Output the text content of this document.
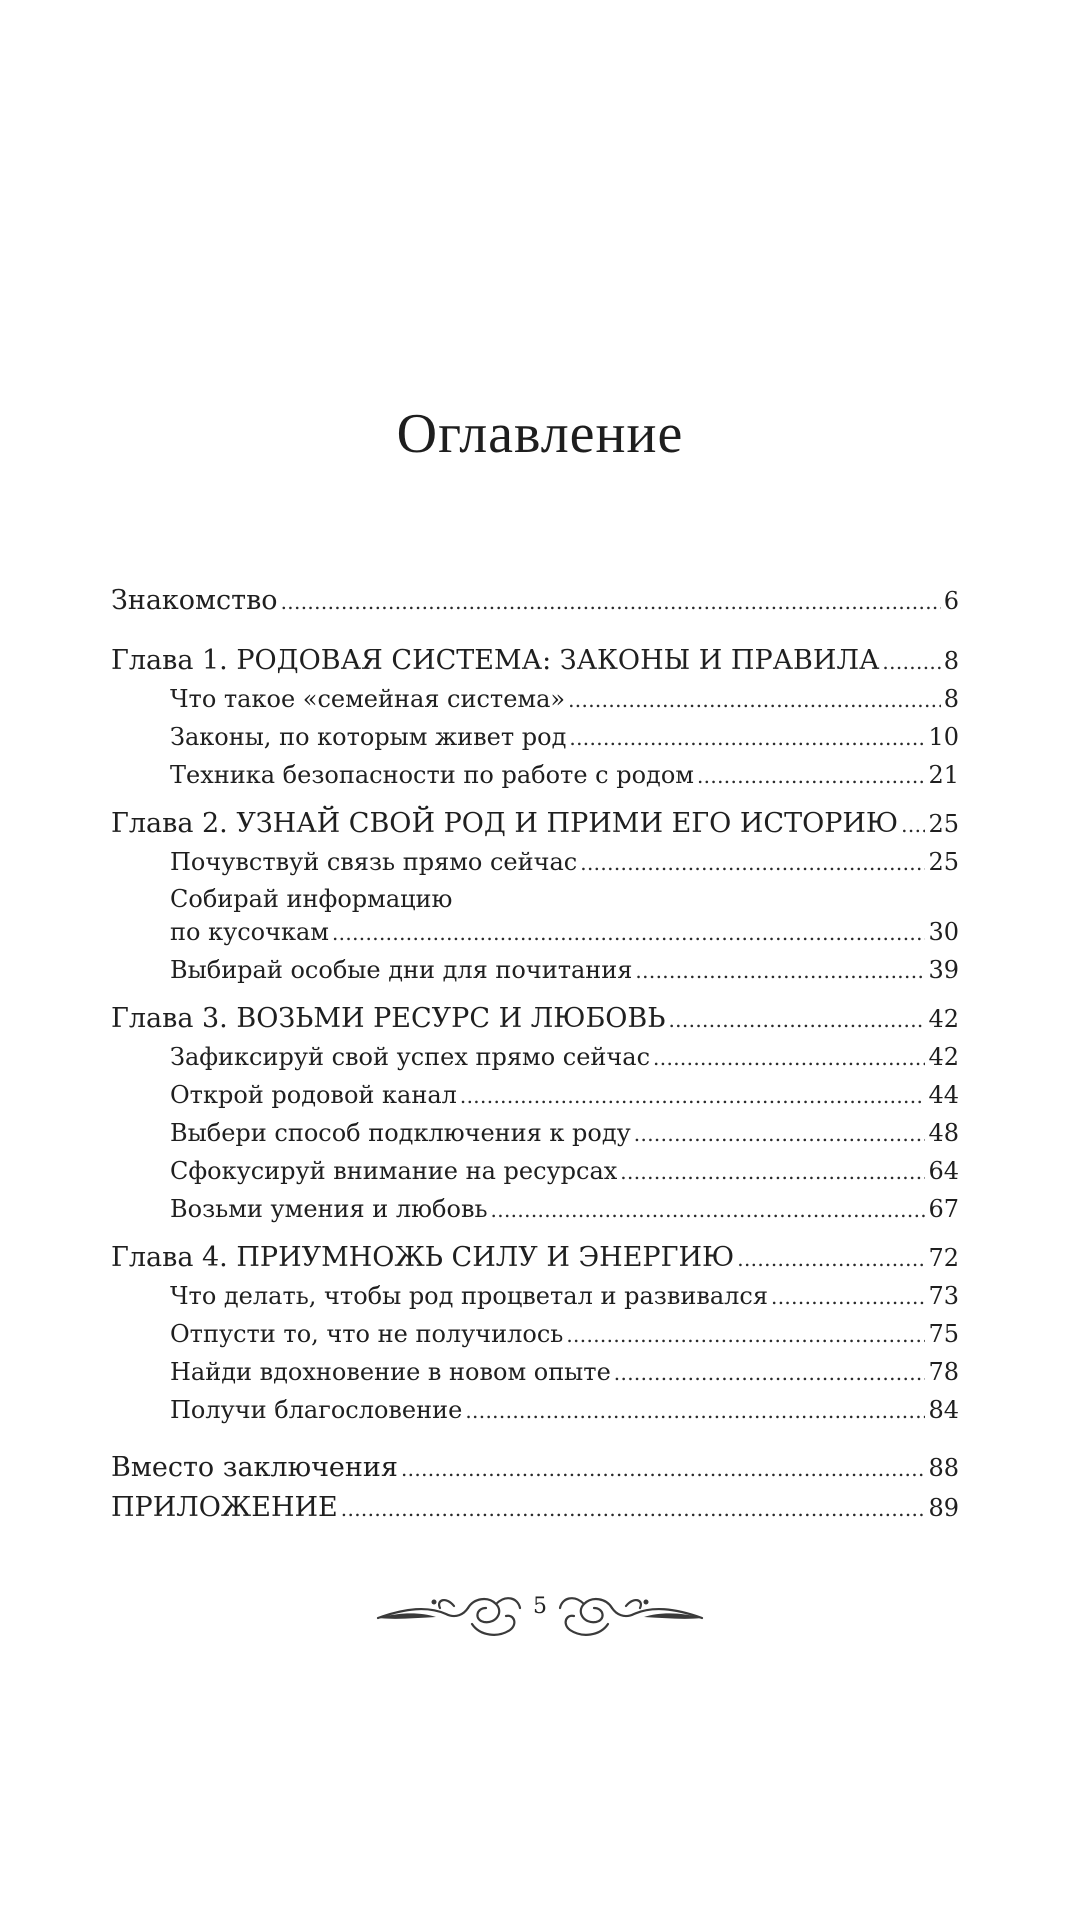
Оглавление
Знакомство . . .	6
Глава 1. РОДОВАЯ СИСТЕМА: ЗАКОНЫ И ПРАВИЛА . . .	8
Что такое «семейная система» . . .	8
Законы, по которым живет род . . .	10
Техника безопасности по работе с родом . . .	21
Глава 2. УЗНАЙ СВОЙ РОД И ПРИМИ ЕГО ИСТОРИЮ . . . 25
Почувствуй связь прямо сейчас . . .	25
Собирай информацию
по кусочкам . . .	30
Выбирай особые дни для почитания . . .	39
Глава 3. ВОЗЬМИ РЕСУРС И ЛЮБОВЬ . . .	42
Зафиксируй свой успех прямо сейчас . . .	42
Открой родовой канал . . .	44
Выбери способ подключения к роду . . .	48
Сфокусируй внимание на ресурсах . . .	64
Возьми умения и любовь . . .	67
Глава 4. ПРИУМНОЖЬ СИЛУ И ЭНЕРГИЮ . . .	72
Что делать, чтобы род процветал и развивался . . .	73
Отпусти то, что не получилось . . .	75
Найди вдохновение в новом опыте . . .	78
Получи благословение . . .	84
Вместо заключения . . .	88
ПРИЛОЖЕНИЕ . . .	89
5
